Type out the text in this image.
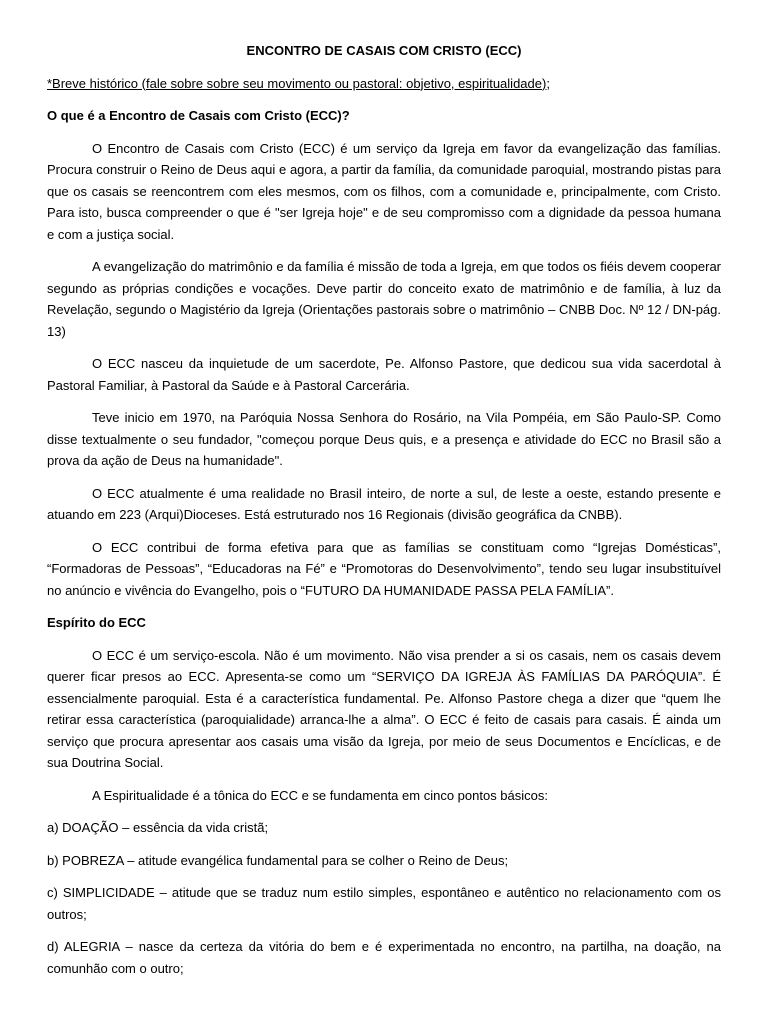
ENCONTRO DE CASAIS COM CRISTO (ECC)

*Breve histórico (fale sobre sobre seu movimento ou pastoral: objetivo, espiritualidade);

O que é a Encontro de Casais com Cristo (ECC)?

O Encontro de Casais com Cristo (ECC) é um serviço da Igreja em favor da evangelização das famílias. Procura construir o Reino de Deus aqui e agora, a partir da família, da comunidade paroquial, mostrando pistas para que os casais se reencontrem com eles mesmos, com os filhos, com a comunidade e, principalmente, com Cristo. Para isto, busca compreender o que é "ser Igreja hoje" e de seu compromisso com a dignidade da pessoa humana e com a justiça social.

A evangelização do matrimônio e da família é missão de toda a Igreja, em que todos os fiéis devem cooperar segundo as próprias condições e vocações. Deve partir do conceito exato de matrimônio e de família, à luz da Revelação, segundo o Magistério da Igreja (Orientações pastorais sobre o matrimônio – CNBB Doc. Nº 12 / DN-pág. 13)

O ECC nasceu da inquietude de um sacerdote, Pe. Alfonso Pastore, que dedicou sua vida sacerdotal à Pastoral Familiar, à Pastoral da Saúde e à Pastoral Carcerária.

Teve inicio em 1970, na Paróquia Nossa Senhora do Rosário, na Vila Pompéia, em São Paulo-SP. Como disse textualmente o seu fundador, "começou porque Deus quis, e a presença e atividade do ECC no Brasil são a prova da ação de Deus na humanidade".

O ECC atualmente é uma realidade no Brasil inteiro, de norte a sul, de leste a oeste, estando presente e atuando em 223 (Arqui)Dioceses. Está estruturado nos 16 Regionais (divisão geográfica da CNBB).

O ECC contribui de forma efetiva para que as famílias se constituam como “Igrejas Domésticas”, “Formadoras de Pessoas”, “Educadoras na Fé” e “Promotoras do Desenvolvimento”, tendo seu lugar insubstituível no anúncio e vivência do Evangelho, pois o “FUTURO DA HUMANIDADE PASSA PELA FAMÍLIA”.

Espírito do ECC

O ECC é um serviço-escola. Não é um movimento. Não visa prender a si os casais, nem os casais devem querer ficar presos ao ECC. Apresenta-se como um “SERVIÇO DA IGREJA ÀS FAMÍLIAS DA PARÓQUIA”. É essencialmente paroquial. Esta é a característica fundamental. Pe. Alfonso Pastore chega a dizer que “quem lhe retirar essa característica (paroquialidade) arranca-lhe a alma”. O ECC é feito de casais para casais. É ainda um serviço que procura apresentar aos casais uma visão da Igreja, por meio de seus Documentos e Encíclicas, e de sua Doutrina Social.

A Espiritualidade é a tônica do ECC e se fundamenta em cinco pontos básicos:

a) DOAÇÃO – essência da vida cristã;

b) POBREZA – atitude evangélica fundamental para se colher o Reino de Deus;

c) SIMPLICIDADE – atitude que se traduz num estilo simples, espontâneo e autêntico no relacionamento com os outros;

d) ALEGRIA – nasce da certeza da vitória do bem e é experimentada no encontro, na partilha, na doação, na comunhão com o outro;
